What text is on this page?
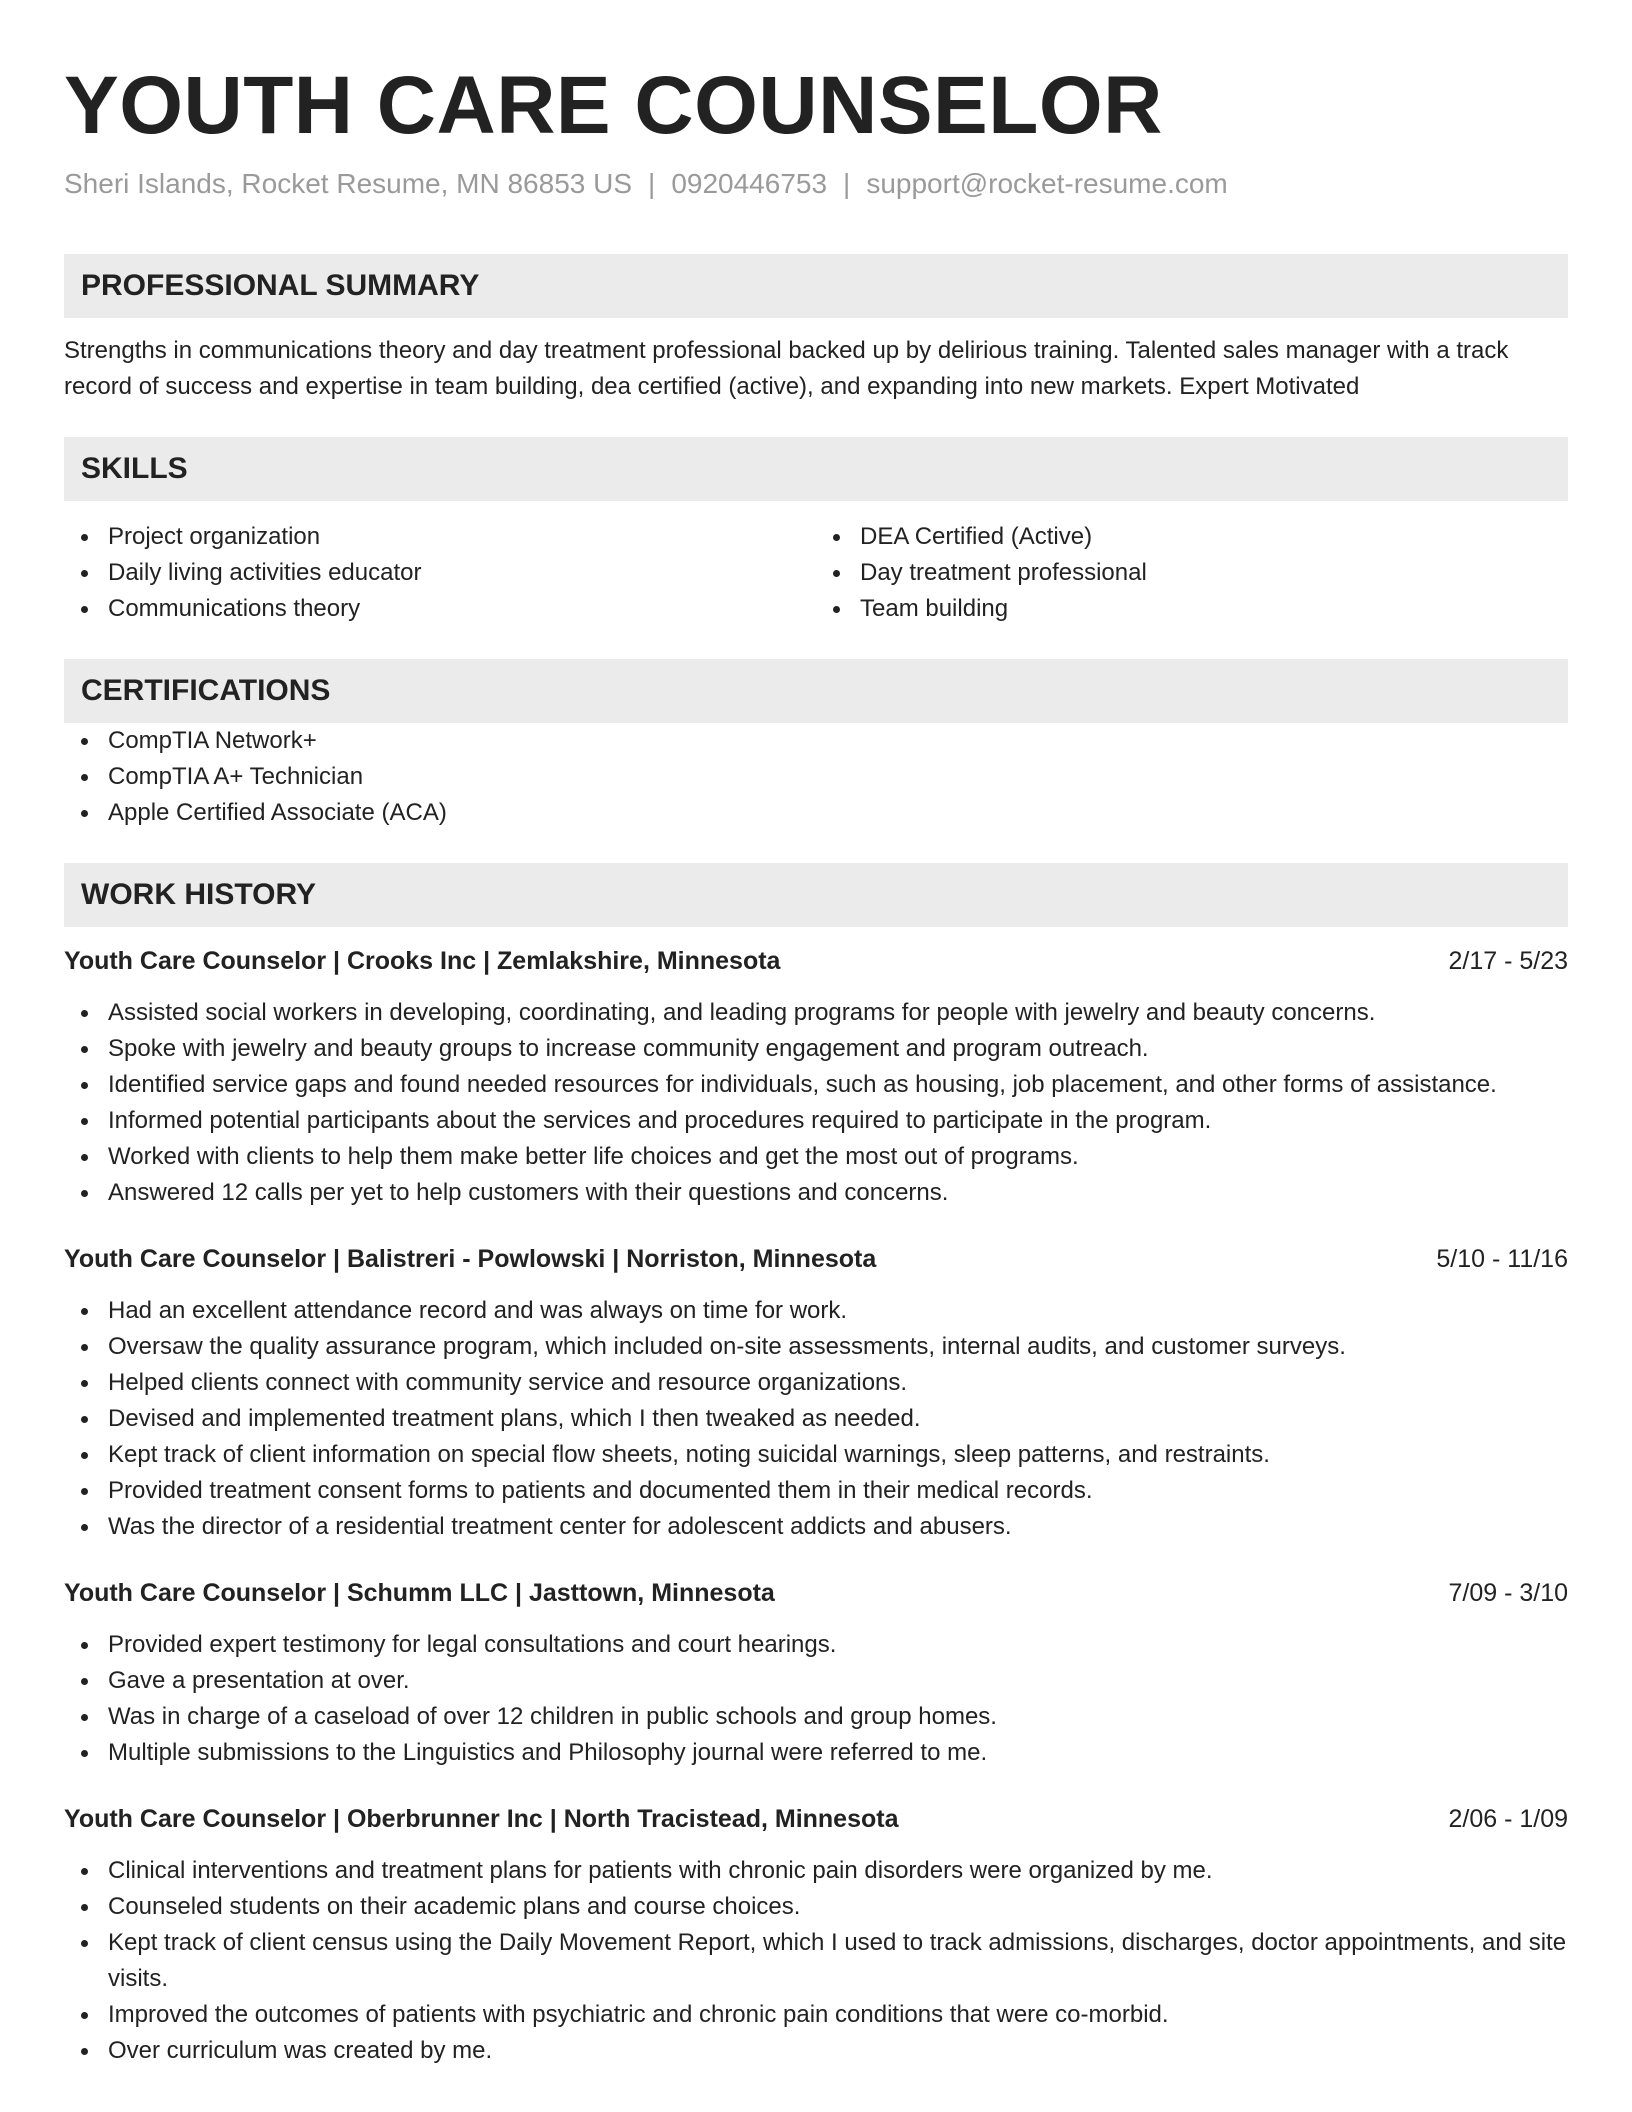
YOUTH CARE COUNSELOR
Sheri Islands, Rocket Resume, MN 86853 US | 0920446753 | support@rocket-resume.com
PROFESSIONAL SUMMARY
Strengths in communications theory and day treatment professional backed up by delirious training. Talented sales manager with a track record of success and expertise in team building, dea certified (active), and expanding into new markets. Expert Motivated
SKILLS
Project organization
Daily living activities educator
Communications theory
DEA Certified (Active)
Day treatment professional
Team building
CERTIFICATIONS
CompTIA Network+
CompTIA A+ Technician
Apple Certified Associate (ACA)
WORK HISTORY
Youth Care Counselor | Crooks Inc | Zemlakshire, Minnesota	2/17 - 5/23
Assisted social workers in developing, coordinating, and leading programs for people with jewelry and beauty concerns.
Spoke with jewelry and beauty groups to increase community engagement and program outreach.
Identified service gaps and found needed resources for individuals, such as housing, job placement, and other forms of assistance.
Informed potential participants about the services and procedures required to participate in the program.
Worked with clients to help them make better life choices and get the most out of programs.
Answered 12 calls per yet to help customers with their questions and concerns.
Youth Care Counselor | Balistreri - Powlowski | Norriston, Minnesota	5/10 - 11/16
Had an excellent attendance record and was always on time for work.
Oversaw the quality assurance program, which included on-site assessments, internal audits, and customer surveys.
Helped clients connect with community service and resource organizations.
Devised and implemented treatment plans, which I then tweaked as needed.
Kept track of client information on special flow sheets, noting suicidal warnings, sleep patterns, and restraints.
Provided treatment consent forms to patients and documented them in their medical records.
Was the director of a residential treatment center for adolescent addicts and abusers.
Youth Care Counselor | Schumm LLC | Jasttown, Minnesota	7/09 - 3/10
Provided expert testimony for legal consultations and court hearings.
Gave a presentation at over.
Was in charge of a caseload of over 12 children in public schools and group homes.
Multiple submissions to the Linguistics and Philosophy journal were referred to me.
Youth Care Counselor | Oberbrunner Inc | North Tracistead, Minnesota	2/06 - 1/09
Clinical interventions and treatment plans for patients with chronic pain disorders were organized by me.
Counseled students on their academic plans and course choices.
Kept track of client census using the Daily Movement Report, which I used to track admissions, discharges, doctor appointments, and site visits.
Improved the outcomes of patients with psychiatric and chronic pain conditions that were co-morbid.
Over curriculum was created by me.
